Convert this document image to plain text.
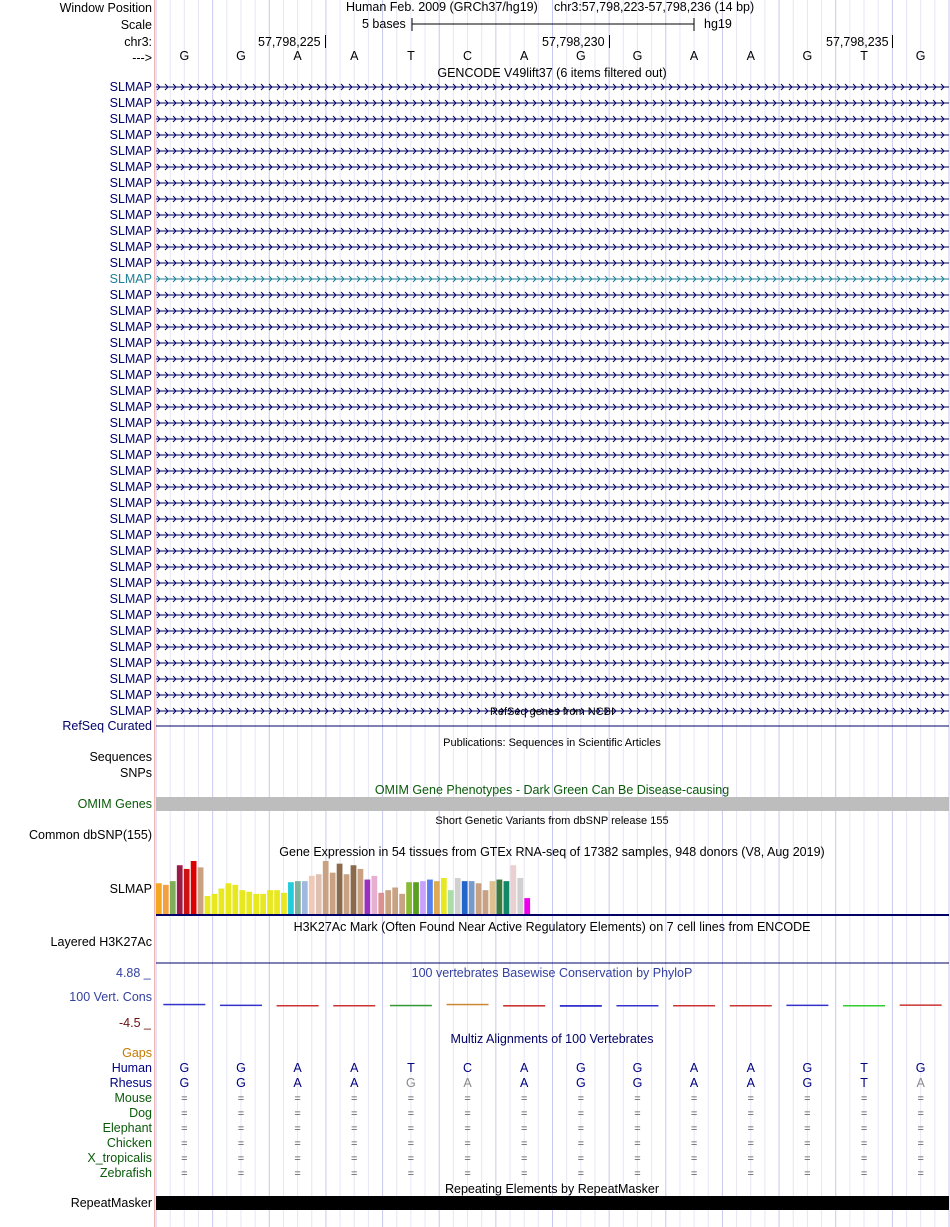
Window Position	Human Feb. 2009 (GRCh37/hg19) chr3:57,798,223-57,798,236 (14 bp)
Scale	5 bases	hg19
chr3:	57,798,225	57,798,230	57,798,235
--->	G	G	A	A	T	C	A	G	G	A	A	G	T	G
GENCODE V49lift37 (6 items filtered out)
SLMAP
SLMAP
SLMAP
SLMAP
SLMAP
SLMAP
SLMAP
SLMAP
SLMAP
SLMAP
SLMAP
SLMAP
SLMAP
SLMAP
SLMAP
SLMAP
SLMAP
SLMAP
SLMAP
SLMAP
SLMAP
SLMAP
SLMAP
SLMAP
SLMAP
SLMAP
SLMAP
SLMAP
SLMAP
SLMAP
SLMAP
SLMAP
SLMAP
SLMAP
SLMAP
SLMAP
SLMAP
SLMAP
SLMAP
SLMAP	RefSeq genes from NCBI
RefSeq Curated
Publications: Sequences in Scientific Articles
Sequences
SNPs
OMIM Gene Phenotypes - Dark Green Can Be Disease-causing
OMIM Genes
Short Genetic Variants from dbSNP release 155
Common dbSNP(155)
Gene Expression in 54 tissues from GTEx RNA-seq of 17382 samples, 948 donors (V8, Aug 2019)
SLMAP
H3K27Ac Mark (Often Found Near Active Regulatory Elements) on 7 cell lines from ENCODE
Layered H3K27Ac
100 vertebrates Basewise Conservation by PhyloP
4.88 _
100 Vert. Cons
-4.5 _
Multiz Alignments of 100 Vertebrates
Gaps
Human	G	G	A	A	T	C	A	G	G	A	A	G	T	G
Rhesus	G	G	A	A	G	A	A	G	G	A	A	G	T	A
Mouse	=	=	=	=	=	=	=	=	=	=	=	=	=	=
Dog	=	=	=	=	=	=	=	=	=	=	=	=	=	=
Elephant	=	=	=	=	=	=	=	=	=	=	=	=	=	=
Chicken	=	=	=	=	=	=	=	=	=	=	=	=	=	=
X_tropicalis	=	=	=	=	=	=	=	=	=	=	=	=	=	=
Zebrafish	=	=	=	=	=	=	=	=	=	=	=	=	=	=
Repeating Elements by RepeatMasker
RepeatMasker
